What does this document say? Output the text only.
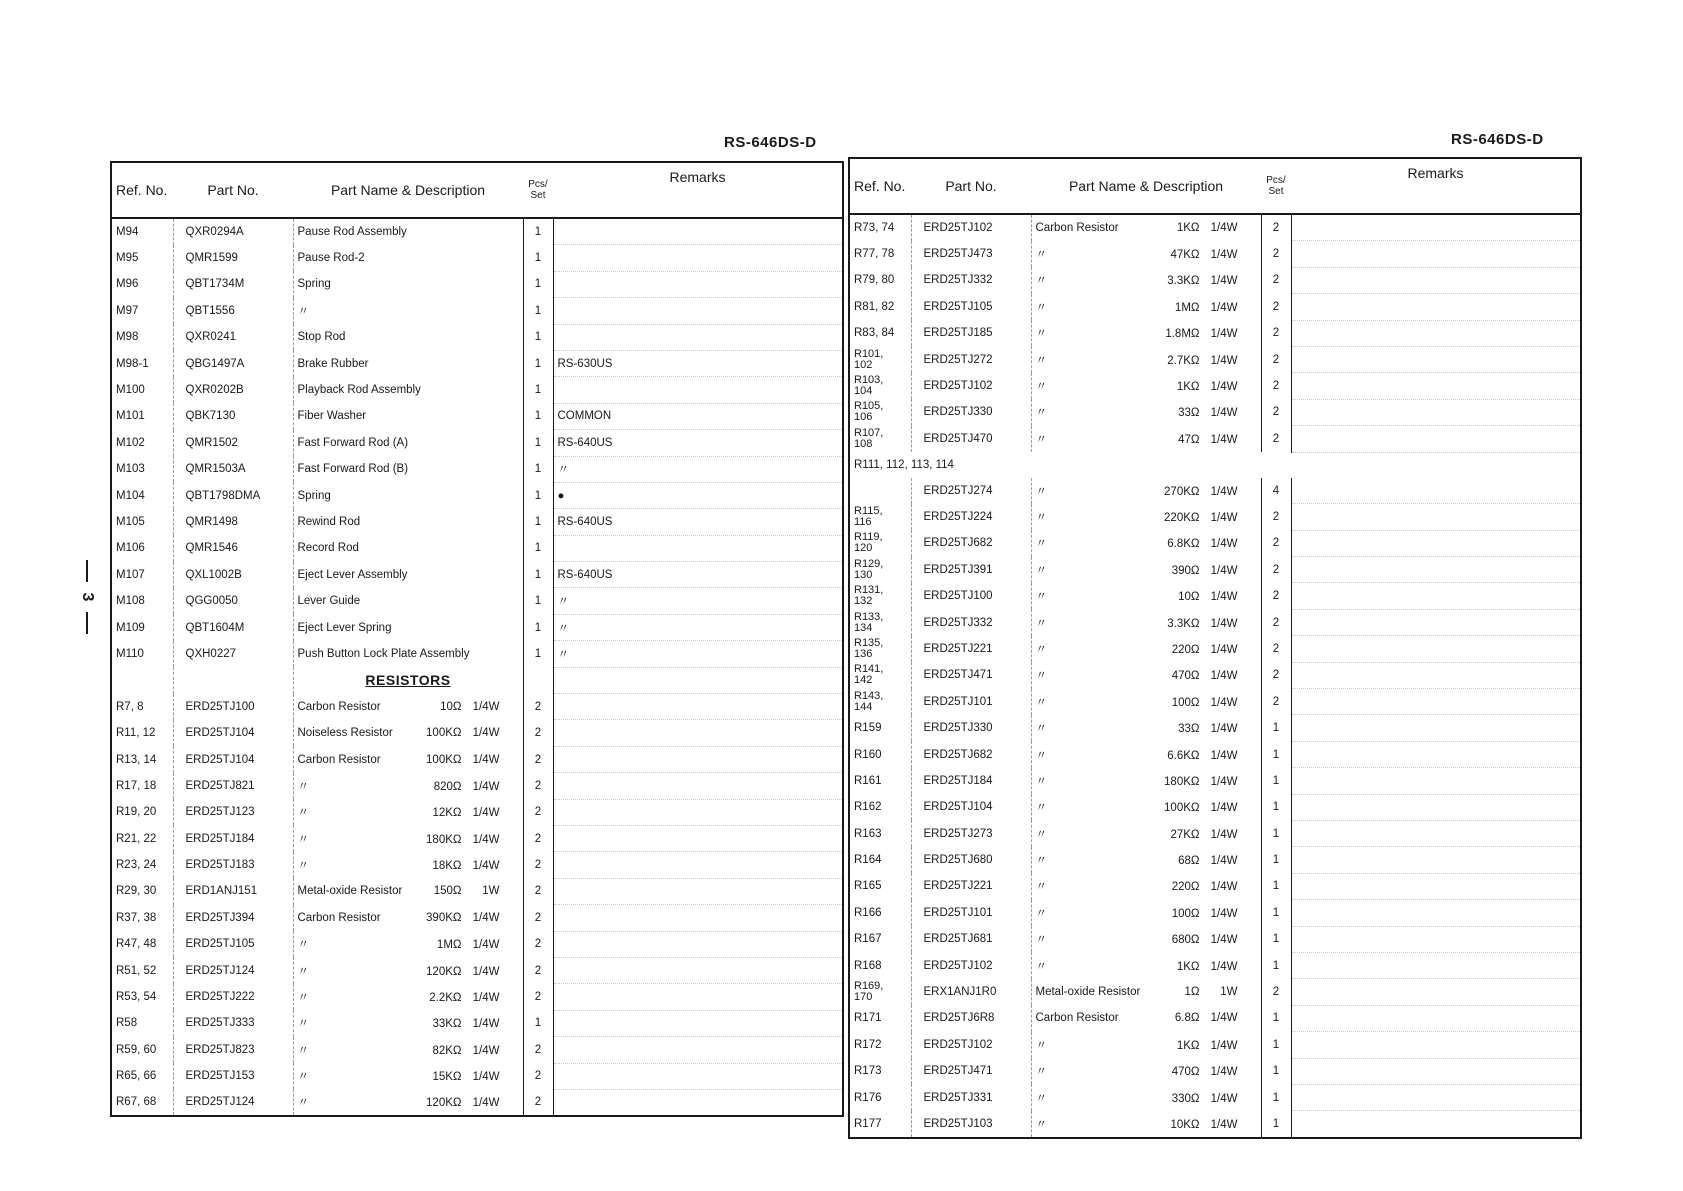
RS-646DS-D	RS-646DS-D
3
Ref. No.	Part No.	Part Name & Description	Pcs/
Set	Remarks
M94	QXR0294A	Pause Rod Assembly	1	
M95	QMR1599	Pause Rod-2	1	
M96	QBT1734M	Spring	1	
M97	QBT1556	〃	1	
M98	QXR0241	Stop Rod	1	
M98-1	QBG1497A	Brake Rubber	1	RS-630US
M100	QXR0202B	Playback Rod Assembly	1	
M101	QBK7130	Fiber Washer	1	COMMON
M102	QMR1502	Fast Forward Rod (A)	1	RS-640US
M103	QMR1503A	Fast Forward Rod (B)	1	〃
M104	QBT1798DMA	Spring	1	●
M105	QMR1498	Rewind Rod	1	RS-640US
M106	QMR1546	Record Rod	1	
M107	QXL1002B	Eject Lever Assembly	1	RS-640US
M108	QGG0050	Lever Guide	1	〃
M109	QBT1604M	Eject Lever Spring	1	〃
M110	QXH0227	Push Button Lock Plate Assembly	1	〃
		RESISTORS		
R7, 8	ERD25TJ100	Carbon Resistor 10Ω 1/4W	2	
R11, 12	ERD25TJ104	Noiseless Resistor 100KΩ 1/4W	2	
R13, 14	ERD25TJ104	Carbon Resistor 100KΩ 1/4W	2	
R17, 18	ERD25TJ821	〃 820Ω 1/4W	2	
R19, 20	ERD25TJ123	〃 12KΩ 1/4W	2	
R21, 22	ERD25TJ184	〃 180KΩ 1/4W	2	
R23, 24	ERD25TJ183	〃 18KΩ 1/4W	2	
R29, 30	ERD1ANJ151	Metal-oxide Resistor 150Ω 1W	2	
R37, 38	ERD25TJ394	Carbon Resistor 390KΩ 1/4W	2	
R47, 48	ERD25TJ105	〃 1MΩ 1/4W	2	
R51, 52	ERD25TJ124	〃 120KΩ 1/4W	2	
R53, 54	ERD25TJ222	〃 2.2KΩ 1/4W	2	
R58	ERD25TJ333	〃 33KΩ 1/4W	1	
R59, 60	ERD25TJ823	〃 82KΩ 1/4W	2	
R65, 66	ERD25TJ153	〃 15KΩ 1/4W	2	
R67, 68	ERD25TJ124	〃 120KΩ 1/4W	2	
Ref. No.	Part No.	Part Name & Description	Pcs/
Set	Remarks
R73, 74	ERD25TJ102	Carbon Resistor 1KΩ 1/4W	2	
R77, 78	ERD25TJ473	〃 47KΩ 1/4W	2	
R79, 80	ERD25TJ332	〃 3.3KΩ 1/4W	2	
R81, 82	ERD25TJ105	〃 1MΩ 1/4W	2	
R83, 84	ERD25TJ185	〃 1.8MΩ 1/4W	2	
R101,
102	ERD25TJ272	〃 2.7KΩ 1/4W	2	
R103,
104	ERD25TJ102	〃 1KΩ 1/4W	2	
R105,
106	ERD25TJ330	〃 33Ω 1/4W	2	
R107,
108	ERD25TJ470	〃 47Ω 1/4W	2	
R111, 112, 113, 114				
	ERD25TJ274	〃 270KΩ 1/4W	4	
R115,
116	ERD25TJ224	〃 220KΩ 1/4W	2	
R119,
120	ERD25TJ682	〃 6.8KΩ 1/4W	2	
R129,
130	ERD25TJ391	〃 390Ω 1/4W	2	
R131,
132	ERD25TJ100	〃 10Ω 1/4W	2	
R133,
134	ERD25TJ332	〃 3.3KΩ 1/4W	2	
R135,
136	ERD25TJ221	〃 220Ω 1/4W	2	
R141,
142	ERD25TJ471	〃 470Ω 1/4W	2	
R143,
144	ERD25TJ101	〃 100Ω 1/4W	2	
R159	ERD25TJ330	〃 33Ω 1/4W	1	
R160	ERD25TJ682	〃 6.6KΩ 1/4W	1	
R161	ERD25TJ184	〃 180KΩ 1/4W	1	
R162	ERD25TJ104	〃 100KΩ 1/4W	1	
R163	ERD25TJ273	〃 27KΩ 1/4W	1	
R164	ERD25TJ680	〃 68Ω 1/4W	1	
R165	ERD25TJ221	〃 220Ω 1/4W	1	
R166	ERD25TJ101	〃 100Ω 1/4W	1	
R167	ERD25TJ681	〃 680Ω 1/4W	1	
R168	ERD25TJ102	〃 1KΩ 1/4W	1	
R169,
170	ERX1ANJ1R0	Metal-oxide Resistor 1Ω 1W	2	
R171	ERD25TJ6R8	Carbon Resistor 6.8Ω 1/4W	1	
R172	ERD25TJ102	〃 1KΩ 1/4W	1	
R173	ERD25TJ471	〃 470Ω 1/4W	1	
R176	ERD25TJ331	〃 330Ω 1/4W	1	
R177	ERD25TJ103	〃 10KΩ 1/4W	1	
